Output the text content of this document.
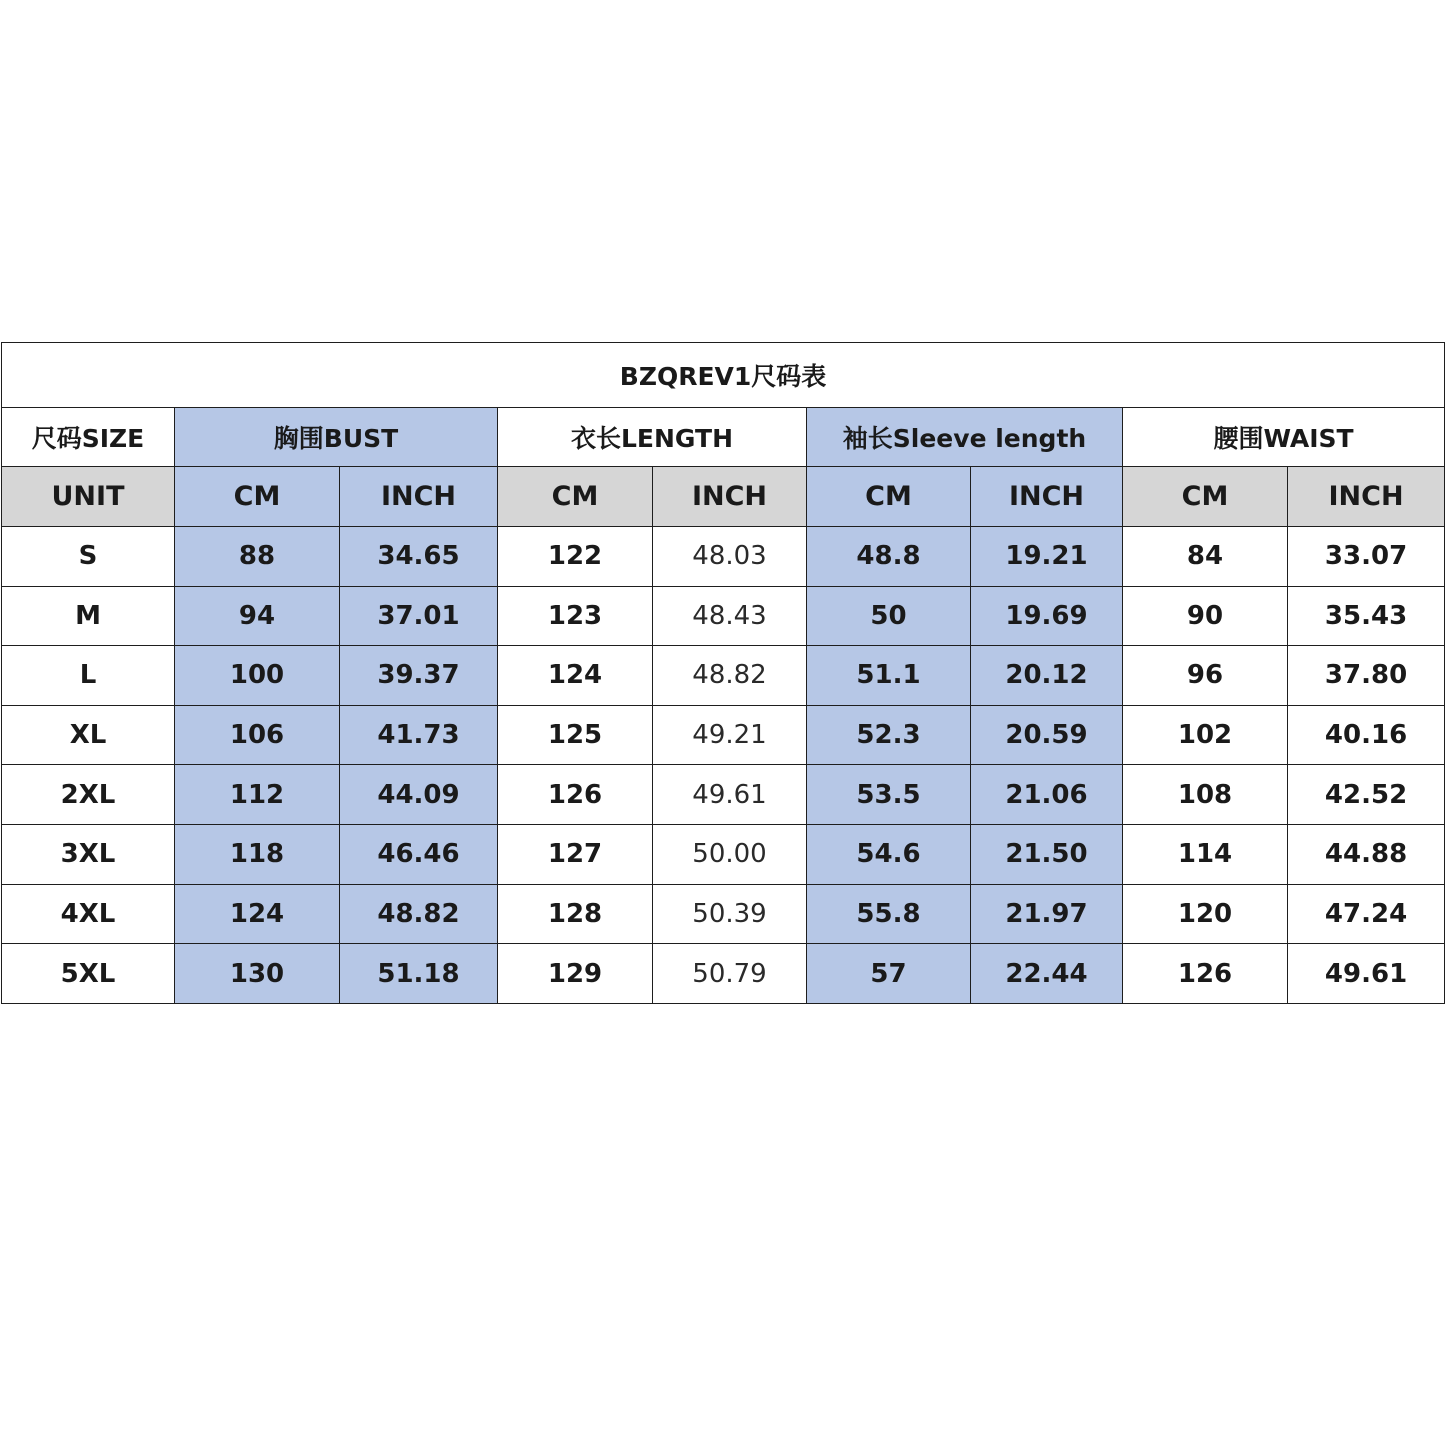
BZQREV1尺码表								
尺码SIZE	胸围BUST		衣长LENGTH		袖长Sleeve length		腰围WAIST	
UNIT	CM	INCH	CM	INCH	CM	INCH	CM	INCH
S	88	34.65	122	48.03	48.8	19.21	84	33.07
M	94	37.01	123	48.43	50	19.69	90	35.43
L	100	39.37	124	48.82	51.1	20.12	96	37.80
XL	106	41.73	125	49.21	52.3	20.59	102	40.16
2XL	112	44.09	126	49.61	53.5	21.06	108	42.52
3XL	118	46.46	127	50.00	54.6	21.50	114	44.88
4XL	124	48.82	128	50.39	55.8	21.97	120	47.24
5XL	130	51.18	129	50.79	57	22.44	126	49.61
